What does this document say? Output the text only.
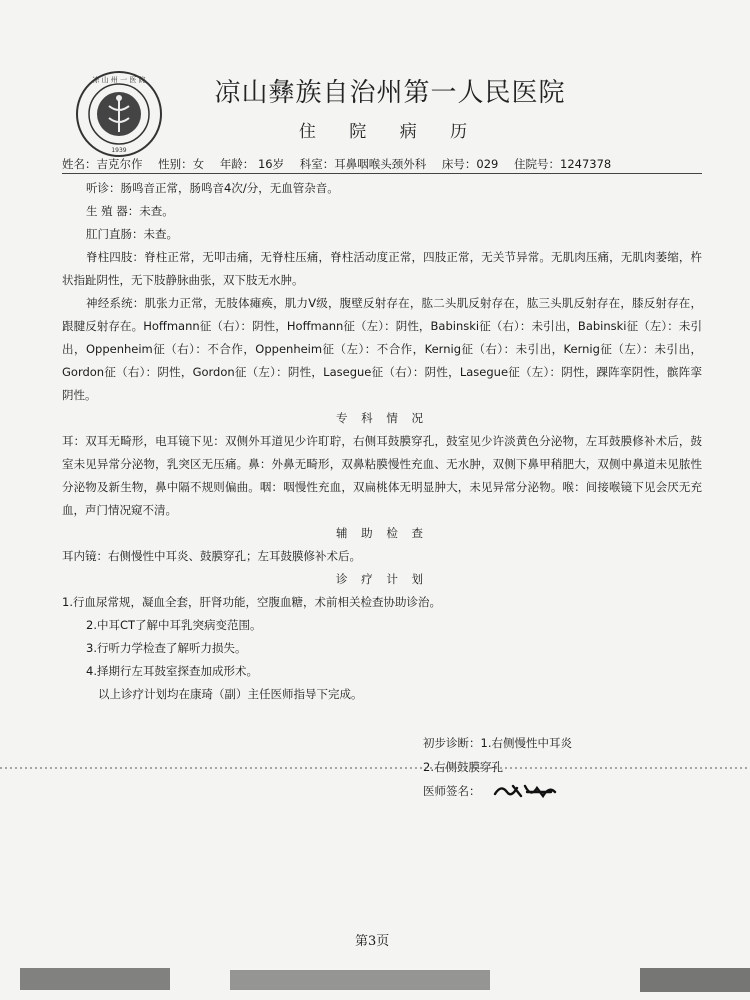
凉 山 州 一 医 院
1939
凉山彝族自治州第一人民医院
住 院 病 历
姓名：吉克尔作 性别：女 年龄： 16岁 科室：耳鼻咽喉头颈外科 床号：029 住院号：1247378

听诊：肠鸣音正常，肠鸣音4次/分，无血管杂音。

生 殖 器：未查。

肛门直肠：未查。

脊柱四肢：脊柱正常，无叩击痛，无脊柱压痛，脊柱活动度正常，四肢正常，无关节异常。无肌肉压痛，无肌肉萎缩，杵状指趾阴性，无下肢静脉曲张，双下肢无水肿。

神经系统：肌张力正常，无肢体瘫痪，肌力Ⅴ级，腹壁反射存在，肱二头肌反射存在，肱三头肌反射存在，膝反射存在，跟腱反射存在。Hoffmann征（右）：阴性，Hoffmann征（左）：阴性，Babinski征（右）：未引出，Babinski征（左）：未引出，Oppenheim征（右）：不合作，Oppenheim征（左）：不合作，Kernig征（右）：未引出，Kernig征（左）：未引出，Gordon征（右）：阴性，Gordon征（左）：阴性，Lasegue征（右）：阴性，Lasegue征（左）：阴性，踝阵挛阴性，髌阵挛阴性。

专 科 情 况

耳：双耳无畸形，电耳镜下见：双侧外耳道见少许耵聍，右侧耳鼓膜穿孔，鼓室见少许淡黄色分泌物，左耳鼓膜修补术后，鼓室未见异常分泌物，乳突区无压痛。鼻：外鼻无畸形，双鼻粘膜慢性充血、无水肿，双侧下鼻甲稍肥大，双侧中鼻道未见脓性分泌物及新生物，鼻中隔不规则偏曲。咽：咽慢性充血，双扁桃体无明显肿大，未见异常分泌物。喉：间接喉镜下见会厌无充血，声门情况窥不清。

辅 助 检 查

耳内镜：右侧慢性中耳炎、鼓膜穿孔；左耳鼓膜修补术后。

诊 疗 计 划

1.行血尿常规，凝血全套，肝肾功能，空腹血糖，术前相关检查协助诊治。

2.中耳CT了解中耳乳突病变范围。

3.行听力学检查了解听力损失。

4.择期行左耳鼓室探查加成形术。

以上诊疗计划均在康琦（副）主任医师指导下完成。

初步诊断：1.右侧慢性中耳炎
2.右侧鼓膜穿孔
医师签名：
第3页
